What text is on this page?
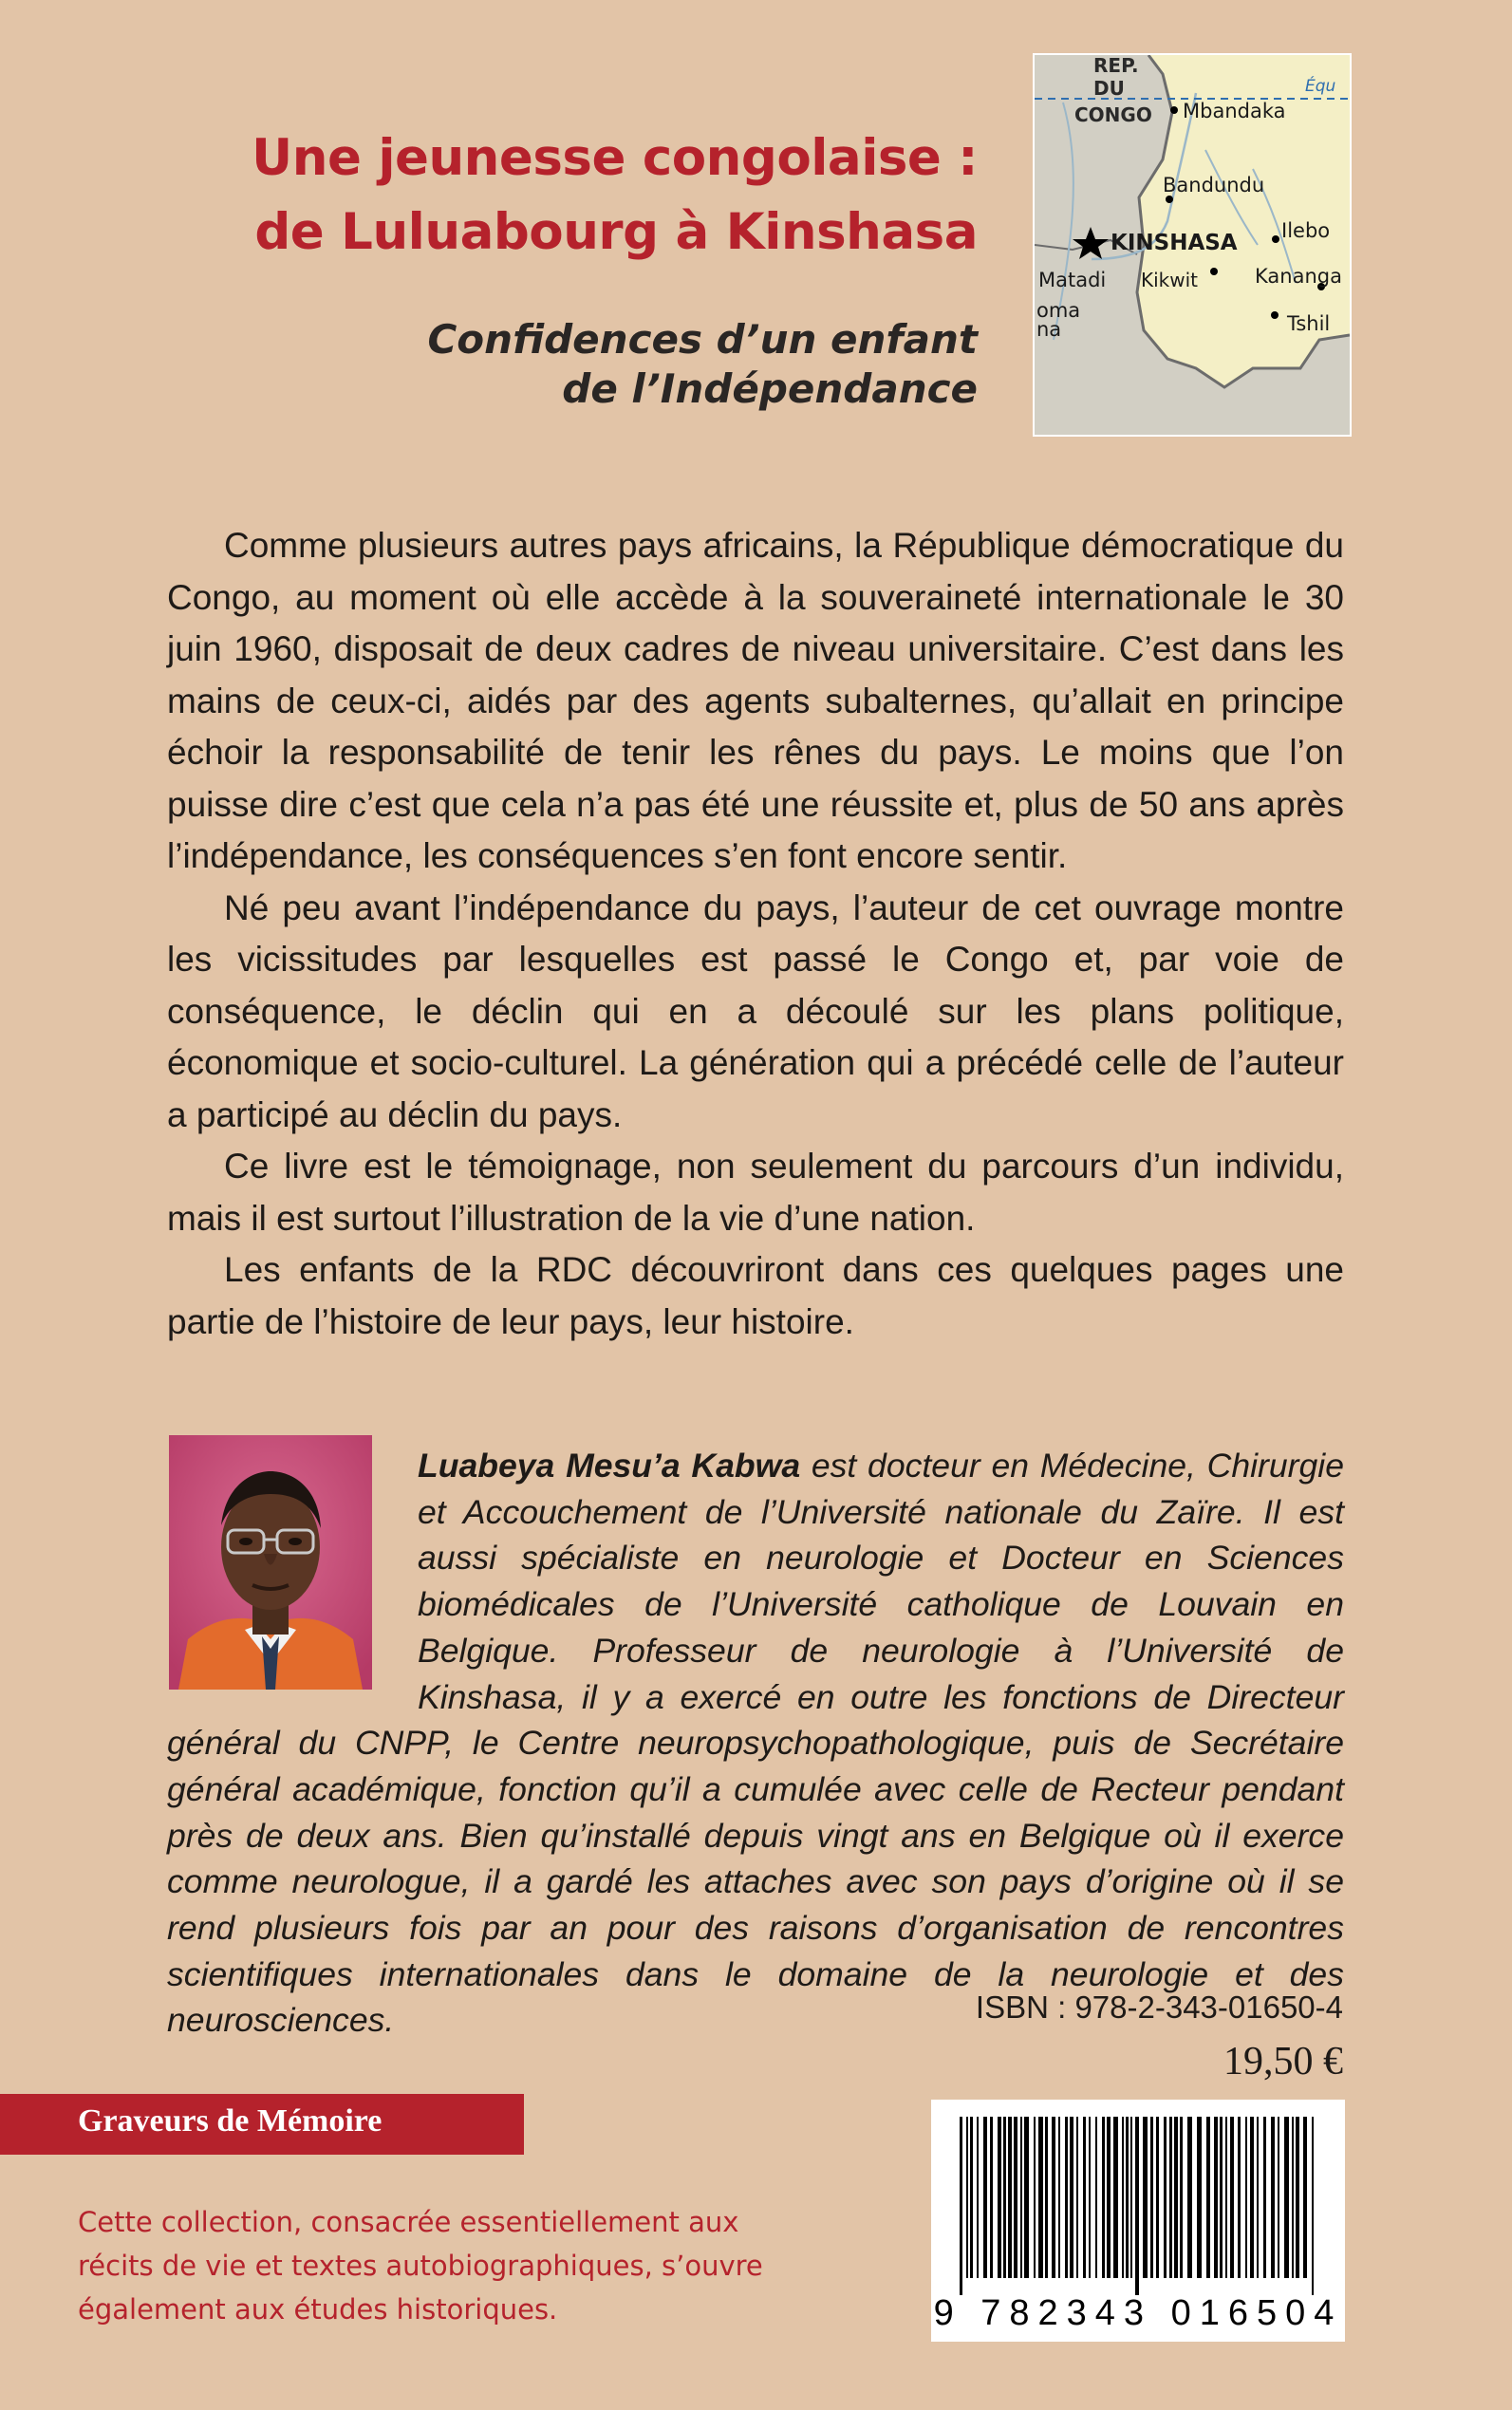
Une jeunesse congolaise :
de Luluabourg à Kinshasa
Confidences d’un enfant
de l’Indépendance
REP.
DU
CONGO
Équ
Mbandaka
Bandundu
KINSHASA Ilebo
Matadi Kikwit	Kananga
oma
na	Tshil

Comme plusieurs autres pays africains, la République démocratique du Congo, au moment où elle accède à la souveraineté internationale le 30 juin 1960, disposait de deux cadres de niveau universitaire. C’est dans les mains de ceux-ci, aidés par des agents subalternes, qu’allait en principe échoir la responsabilité de tenir les rênes du pays. Le moins que l’on puisse dire c’est que cela n’a pas été une réussite et, plus de 50 ans après l’indépendance, les conséquences s’en font encore sentir.

Né peu avant l’indépendance du pays, l’auteur de cet ouvrage montre les vicissitudes par lesquelles est passé le Congo et, par voie de conséquence, le déclin qui en a découlé sur les plans politique, économique et socio-culturel. La génération qui a précédé celle de l’auteur a participé au déclin du pays.

Ce livre est le témoignage, non seulement du parcours d’un individu, mais il est surtout l’illustration de la vie d’une nation.

Les enfants de la RDC découvriront dans ces quelques pages une partie de l’histoire de leur pays, leur histoire.

Luabeya Mesu’a Kabwa est docteur en Médecine, Chirurgie et Accouchement de l’Université nationale du Zaïre. Il est aussi spécialiste en neurologie et Docteur en Sciences biomédicales de l’Université catholique de Louvain en Belgique. Professeur de neurologie à l’Université de Kinshasa, il y a exercé en outre les fonctions de Directeur général du CNPP, le Centre neuropsychopathologique, puis de Secrétaire général académique, fonction qu’il a cumulée avec celle de Recteur pendant près de deux ans. Bien qu’installé depuis vingt ans en Belgique où il exerce comme neurologue, il a gardé les attaches avec son pays d’origine où il se rend plusieurs fois par an pour des raisons d’organisation de rencontres scientifiques internationales dans le domaine de la neurologie et des neurosciences.	ISBN : 978-2-343-01650-4
19,50 €
Graveurs de Mémoire
Cette collection, consacrée essentiellement aux récits de vie et textes autobiographiques, s’ouvre également aux études historiques.	9 782343 016504
